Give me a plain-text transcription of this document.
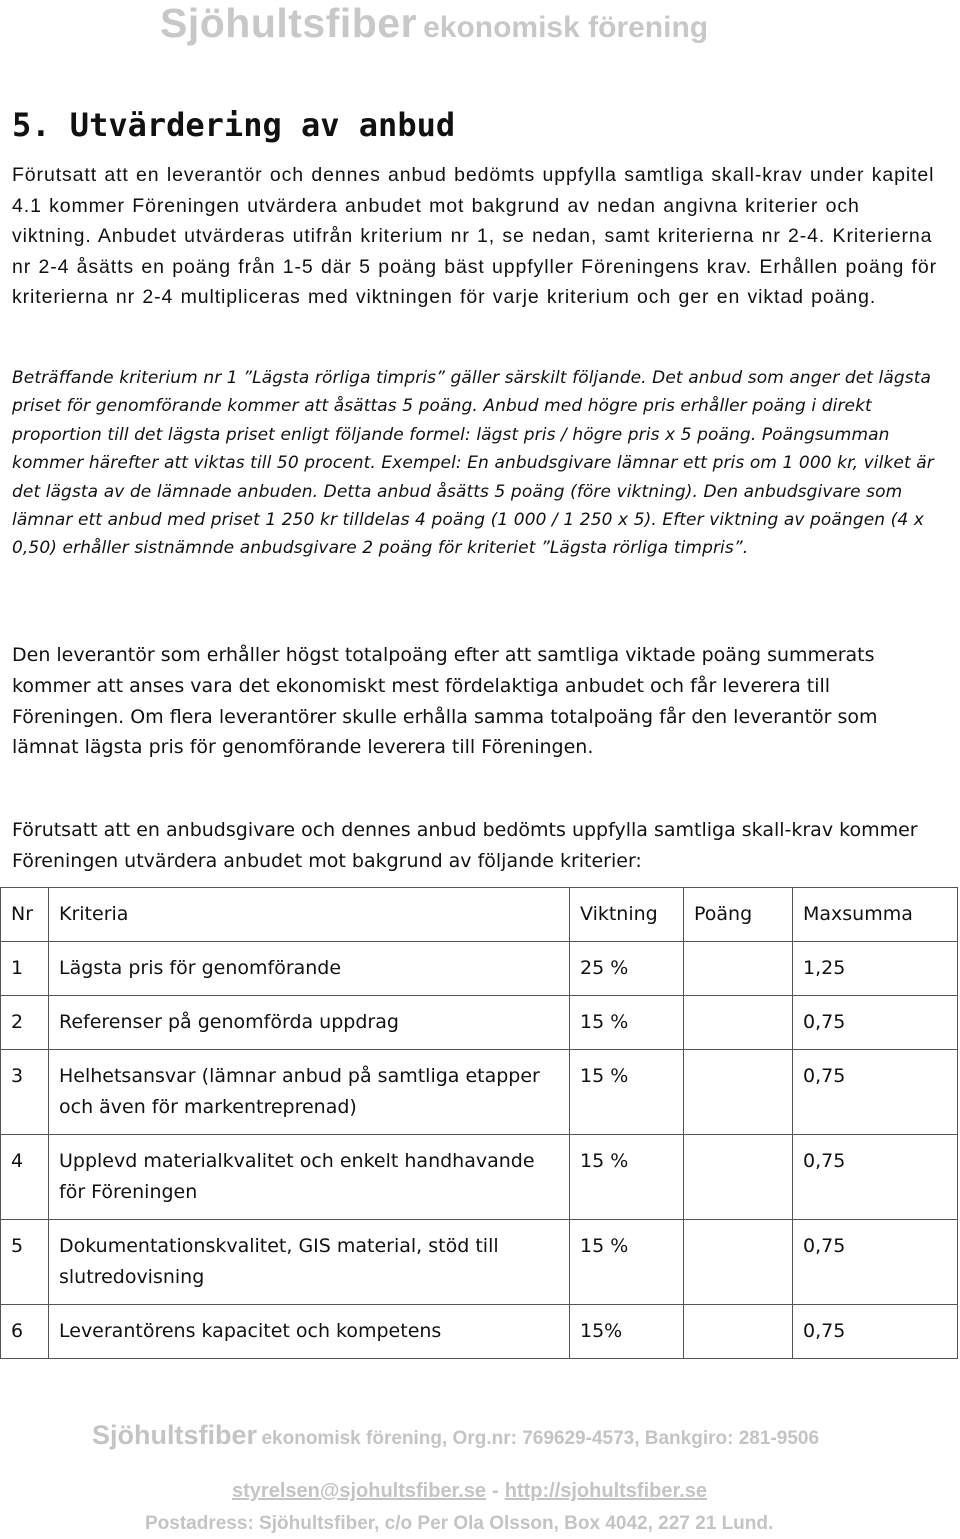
Sjöhultsfiber ekonomisk förening
5. Utvärdering av anbud

Förutsatt att en leverantör och dennes anbud bedömts uppfylla samtliga skall-krav under kapitel 4.1 kommer Föreningen utvärdera anbudet mot bakgrund av nedan angivna kriterier och viktning. Anbudet utvärderas utifrån kriterium nr 1, se nedan, samt kriterierna nr 2-4. Kriterierna nr 2-4 åsätts en poäng från 1-5 där 5 poäng bäst uppfyller Föreningens krav. Erhållen poäng för kriterierna nr 2-4 multipliceras med viktningen för varje kriterium och ger en viktad poäng.

Beträffande kriterium nr 1 ”Lägsta rörliga timpris” gäller särskilt följande. Det anbud som anger det lägsta priset för genomförande kommer att åsättas 5 poäng. Anbud med högre pris erhåller poäng i direkt proportion till det lägsta priset enligt följande formel: lägst pris / högre pris x 5 poäng. Poängsumman kommer härefter att viktas till 50 procent. Exempel: En anbudsgivare lämnar ett pris om 1 000 kr, vilket är det lägsta av de lämnade anbuden. Detta anbud åsätts 5 poäng (före viktning). Den anbudsgivare som lämnar ett anbud med priset 1 250 kr tilldelas 4 poäng (1 000 / 1 250 x 5). Efter viktning av poängen (4 x 0,50) erhåller sistnämnde anbudsgivare 2 poäng för kriteriet ”Lägsta rörliga timpris”.

Den leverantör som erhåller högst totalpoäng efter att samtliga viktade poäng summerats kommer att anses vara det ekonomiskt mest fördelaktiga anbudet och får leverera till Föreningen. Om flera leverantörer skulle erhålla samma totalpoäng får den leverantör som lämnat lägsta pris för genomförande leverera till Föreningen.

Förutsatt att en anbudsgivare och dennes anbud bedömts uppfylla samtliga skall-krav kommer Föreningen utvärdera anbudet mot bakgrund av följande kriterier:

Nr	Kriteria	Viktning	Poäng	Maxsumma
1	Lägsta pris för genomförande	25 %		1,25
2	Referenser på genomförda uppdrag	15 %		0,75
3	Helhetsansvar (lämnar anbud på samtliga etapper och även för markentreprenad)	15 %		0,75
4	Upplevd materialkvalitet och enkelt handhavande för Föreningen	15 %		0,75
5	Dokumentationskvalitet, GIS material, stöd till slutredovisning	15 %		0,75
6	Leverantörens kapacitet och kompetens	15%		0,75
Sjöhultsfiber ekonomisk förening, Org.nr: 769629-4573, Bankgiro: 281-9506
styrelsen@sjohultsfiber.se - http://sjohultsfiber.se
Postadress: Sjöhultsfiber, c/o Per Ola Olsson, Box 4042, 227 21 Lund.
